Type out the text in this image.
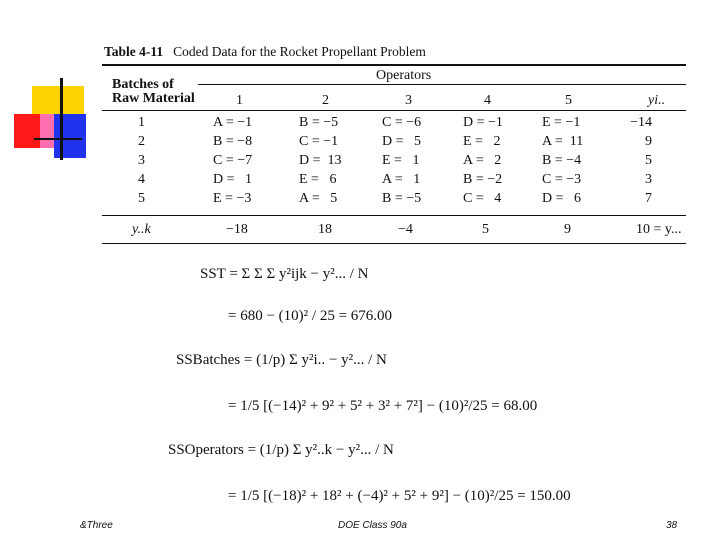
Table 4-11 Coded Data for the Rocket Propellant Problem
Batches of
Raw Material
Operators
1	2	3	4	5	yi..
1	A = −1	B = −5	C = −6	D = −1	E = −1	−14
2	B = −8	C = −1	D =   5	E =   2	A =  11	9
3	C = −7	D =  13	E =   1	A =   2	B = −4	5
4	D =   1	E =   6	A =   1	B = −2	C = −3	3
5	E = −3	A =   5	B = −5	C =   4	D =   6	7
y..k	−18	18	−4	5	9	10 = y...
SST = Σ Σ Σ y²ijk − y²... / N
= 680 − (10)² / 25 = 676.00
SSBatches = (1/p) Σ y²i.. − y²... / N
= 1/5 [(−14)² + 9² + 5² + 3² + 7²] − (10)²/25 = 68.00
SSOperators = (1/p) Σ y²..k − y²... / N
= 1/5 [(−18)² + 18² + (−4)² + 5² + 9²] − (10)²/25 = 150.00
&Three	DOE Class 90a	38
